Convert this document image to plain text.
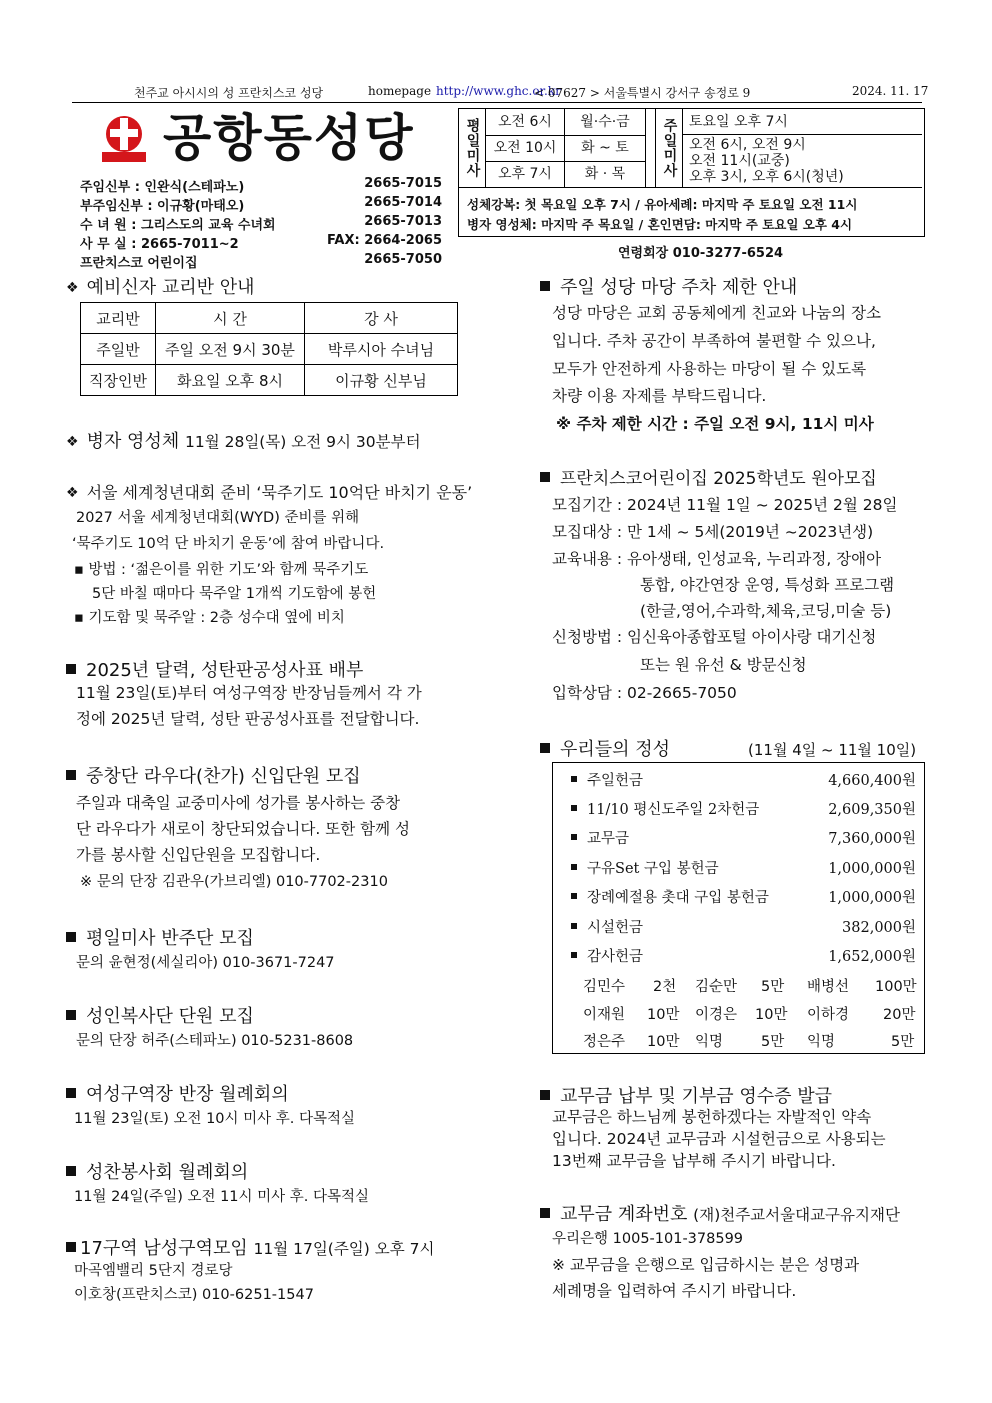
천주교 아시시의 성 프란치스코 성당	homepage http://www.ghc.or.kr
< 07627 > 서울특별시 강서구 송정로 9	2024. 11. 17
공항동성당
주임신부 : 인완식(스테파노)	2665-7015
부주임신부 : 이규황(마태오)	2665-7014
수 녀 원 : 그리스도의 교육 수녀회	2665-7013
사 무 실 : 2665-7011~2	FAX: 2664-2065
프란치스코 어린이집	2665-7050
평일미사	오전 6시	월·수·금
오전 10시	화 ~ 토
오후 7시	화 · 목	주일미사 토요일 오후 7시
오전 6시, 오전 9시
오전 11시(교중)
오후 3시, 오후 6시(청년)
성체강복: 첫 목요일 오후 7시 / 유아세례: 마지막 주 토요일 오전 11시
병자 영성체: 마지막 주 목요일 / 혼인면담: 마지막 주 토요일 오후 4시
연령회장 010-3277-6524
❖ 예비신자 교리반 안내
교리반	시 간	강 사
주일반	주일 오전 9시 30분	박루시아 수녀님
직장인반	화요일 오후 8시	이규황 신부님
❖ 병자 영성체 11월 28일(목) 오전 9시 30분부터
❖ 서울 세계청년대회 준비 ‘묵주기도 10억단 바치기 운동’
2027 서울 세계청년대회(WYD) 준비를 위해
‘묵주기도 10억 단 바치기 운동’에 참여 바랍니다.
▪ 방법 : ‘젊은이를 위한 기도’와 함께 묵주기도
5단 바칠 때마다 묵주알 1개씩 기도함에 봉헌
▪ 기도함 및 묵주알 : 2층 성수대 옆에 비치
2025년 달력, 성탄판공성사표 배부
11월 23일(토)부터 여성구역장 반장님들께서 각 가
정에 2025년 달력, 성탄 판공성사표를 전달합니다.
중창단 라우다(찬가) 신입단원 모집
주일과 대축일 교중미사에 성가를 봉사하는 중창
단 라우다가 새로이 창단되었습니다. 또한 함께 성
가를 봉사할 신입단원을 모집합니다.
※ 문의 단장 김관우(가브리엘) 010-7702-2310
평일미사 반주단 모집
문의 윤현정(세실리아) 010-3671-7247
성인복사단 단원 모집
문의 단장 허주(스테파노) 010-5231-8608
여성구역장 반장 월례회의
11월 23일(토) 오전 10시 미사 후. 다목적실
성찬봉사회 월례회의
11월 24일(주일) 오전 11시 미사 후. 다목적실
17구역 남성구역모임 11월 17일(주일) 오후 7시
마곡엠밸리 5단지 경로당
이호창(프란치스코) 010-6251-1547
주일 성당 마당 주차 제한 안내
성당 마당은 교회 공동체에게 친교와 나눔의 장소
입니다. 주차 공간이 부족하여 불편할 수 있으나,
모두가 안전하게 사용하는 마당이 될 수 있도록
차량 이용 자제를 부탁드립니다.
※ 주차 제한 시간 : 주일 오전 9시, 11시 미사
프란치스코어린이집 2025학년도 원아모집
모집기간 : 2024년 11월 1일 ~ 2025년 2월 28일
모집대상 : 만 1세 ~ 5세(2019년 ~2023년생)
교육내용 : 유아생태, 인성교육, 누리과정, 장애아
통합, 야간연장 운영, 특성화 프로그램
(한글,영어,수과학,체육,코딩,미술 등)
신청방법 : 임신육아종합포털 아이사랑 대기신청
또는 원 유선 & 방문신청
입학상담 : 02-2665-7050
우리들의 정성	(11월 4일 ~ 11월 10일)
주일헌금	4,660,400원
11/10 평신도주일 2차헌금	2,609,350원
교무금	7,360,000원
구유Set 구입 봉헌금	1,000,000원
장례예절용 촛대 구입 봉헌금	1,000,000원
시설헌금	382,000원
감사헌금	1,652,000원
김민수 2천 김순만 5만 배병선 100만
이재원 10만 이경은 10만 이하경 20만
정은주 10만 익명	5만 익명	5만
교무금 납부 및 기부금 영수증 발급
교무금은 하느님께 봉헌하겠다는 자발적인 약속
입니다. 2024년 교무금과 시설헌금으로 사용되는
13번째 교무금을 납부해 주시기 바랍니다.
교무금 계좌번호 (재)천주교서울대교구유지재단
우리은행 1005-101-378599
※ 교무금을 은행으로 입금하시는 분은 성명과
세례명을 입력하여 주시기 바랍니다.
